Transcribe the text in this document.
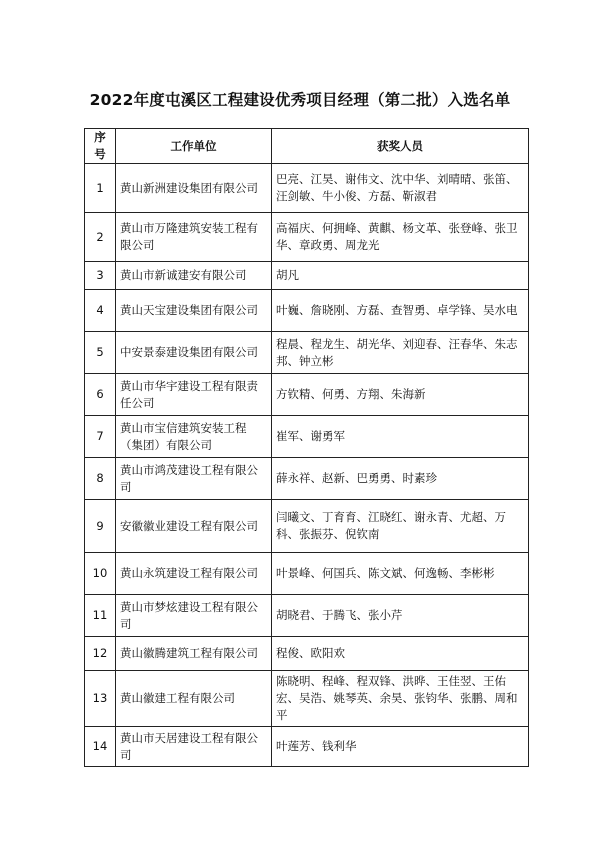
2022年度屯溪区工程建设优秀项目经理（第二批）入选名单
序号	工作单位	获奖人员
1	黄山新洲建设集团有限公司	巴亮、江昊、谢伟文、沈中华、刘晴晴、张笛、汪剑敏、牛小俊、方磊、靳淑君
2	黄山市万隆建筑安装工程有限公司	高福庆、何拥峰、黄麒、杨文革、张登峰、张卫华、章政勇、周龙光
3	黄山市新诚建安有限公司	胡凡
4	黄山天宝建设集团有限公司	叶巍、詹晓刚、方磊、查智勇、卓学锋、吴水电
5	中安景泰建设集团有限公司	程晨、程龙生、胡光华、刘迎春、汪春华、朱志邦、钟立彬
6	黄山市华宇建设工程有限责任公司	方钦精、何勇、方翔、朱海新
7	黄山市宝信建筑安装工程（集团）有限公司	崔军、谢勇军
8	黄山市鸿茂建设工程有限公司	薛永祥、赵新、巴勇勇、时素珍
9	安徽徽业建设工程有限公司	闫曦文、丁育育、江晓红、谢永青、尤超、万科、张振芬、倪钦南
10	黄山永筑建设工程有限公司	叶景峰、何国兵、陈文斌、何逸畅、李彬彬
11	黄山市梦炫建设工程有限公司	胡晓君、于腾飞、张小芹
12	黄山徽腾建筑工程有限公司	程俊、欧阳欢
13	黄山徽建工程有限公司	陈晓明、程峰、程双锋、洪晔、王佳翌、王佑宏、吴浩、姚琴英、余昊、张钧华、张鹏、周和平
14	黄山市天居建设工程有限公司	叶莲芳、钱利华
